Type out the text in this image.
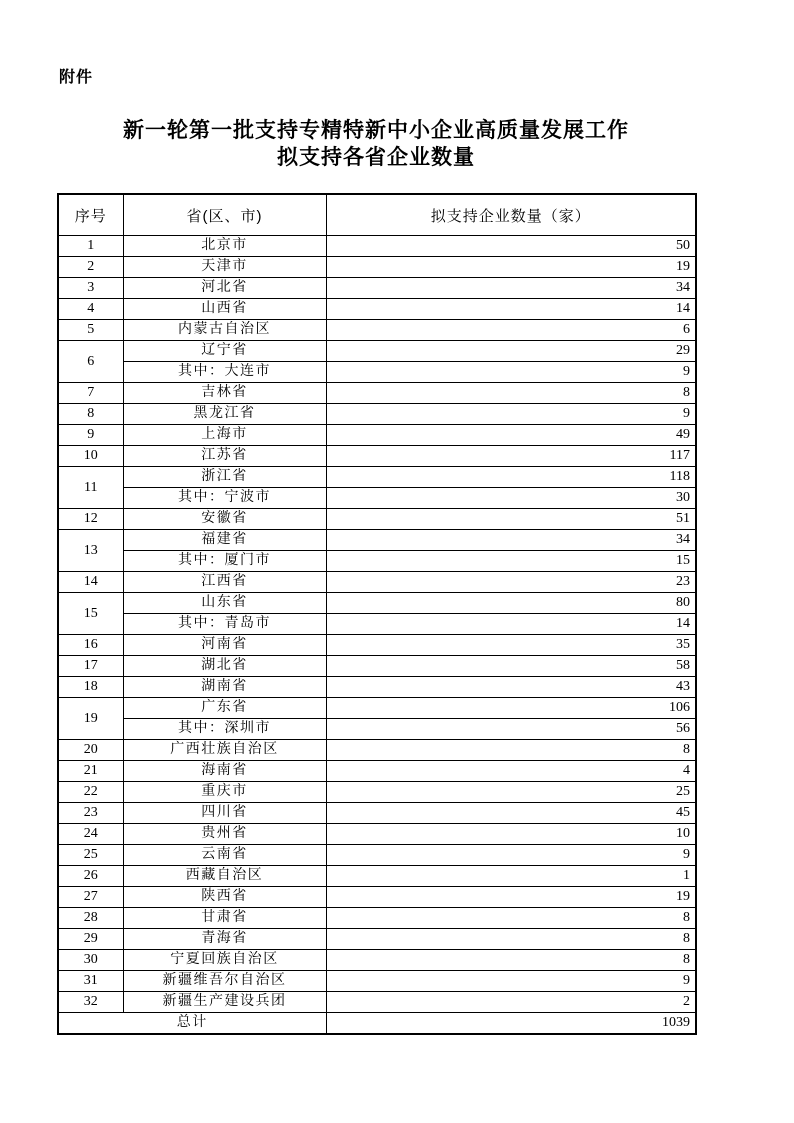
附件
新一轮第一批支持专精特新中小企业高质量发展工作
拟支持各省企业数量
序号	省(区、市)	拟支持企业数量（家）
1	北京市	50
2	天津市	19
3	河北省	34
4	山西省	14
5	内蒙古自治区	6
6	辽宁省	29
	其中：大连市	9
7	吉林省	8
8	黑龙江省	9
9	上海市	49
10	江苏省	117
11	浙江省	118
	其中：宁波市	30
12	安徽省	51
13	福建省	34
	其中：厦门市	15
14	江西省	23
15	山东省	80
	其中：青岛市	14
16	河南省	35
17	湖北省	58
18	湖南省	43
19	广东省	106
	其中：深圳市	56
20	广西壮族自治区	8
21	海南省	4
22	重庆市	25
23	四川省	45
24	贵州省	10
25	云南省	9
26	西藏自治区	1
27	陕西省	19
28	甘肃省	8
29	青海省	8
30	宁夏回族自治区	8
31	新疆维吾尔自治区	9
32	新疆生产建设兵团	2
总计		1039
